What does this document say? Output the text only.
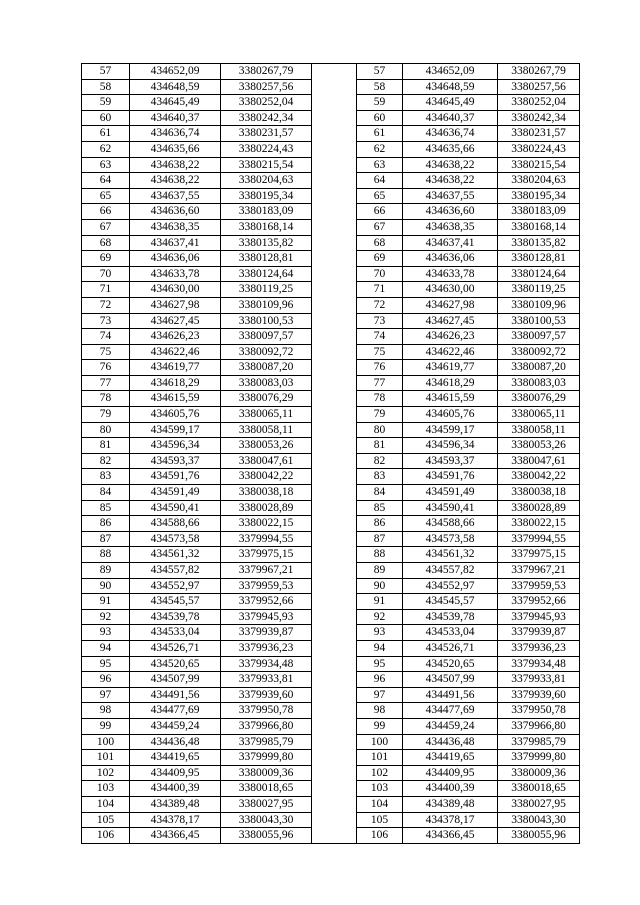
57	434652,09	3380267,79		57	434652,09	3380267,79
58	434648,59	3380257,56		58	434648,59	3380257,56
59	434645,49	3380252,04		59	434645,49	3380252,04
60	434640,37	3380242,34		60	434640,37	3380242,34
61	434636,74	3380231,57		61	434636,74	3380231,57
62	434635,66	3380224,43		62	434635,66	3380224,43
63	434638,22	3380215,54		63	434638,22	3380215,54
64	434638,22	3380204,63		64	434638,22	3380204,63
65	434637,55	3380195,34		65	434637,55	3380195,34
66	434636,60	3380183,09		66	434636,60	3380183,09
67	434638,35	3380168,14		67	434638,35	3380168,14
68	434637,41	3380135,82		68	434637,41	3380135,82
69	434636,06	3380128,81		69	434636,06	3380128,81
70	434633,78	3380124,64		70	434633,78	3380124,64
71	434630,00	3380119,25		71	434630,00	3380119,25
72	434627,98	3380109,96		72	434627,98	3380109,96
73	434627,45	3380100,53		73	434627,45	3380100,53
74	434626,23	3380097,57		74	434626,23	3380097,57
75	434622,46	3380092,72		75	434622,46	3380092,72
76	434619,77	3380087,20		76	434619,77	3380087,20
77	434618,29	3380083,03		77	434618,29	3380083,03
78	434615,59	3380076,29		78	434615,59	3380076,29
79	434605,76	3380065,11		79	434605,76	3380065,11
80	434599,17	3380058,11		80	434599,17	3380058,11
81	434596,34	3380053,26		81	434596,34	3380053,26
82	434593,37	3380047,61		82	434593,37	3380047,61
83	434591,76	3380042,22		83	434591,76	3380042,22
84	434591,49	3380038,18		84	434591,49	3380038,18
85	434590,41	3380028,89		85	434590,41	3380028,89
86	434588,66	3380022,15		86	434588,66	3380022,15
87	434573,58	3379994,55		87	434573,58	3379994,55
88	434561,32	3379975,15		88	434561,32	3379975,15
89	434557,82	3379967,21		89	434557,82	3379967,21
90	434552,97	3379959,53		90	434552,97	3379959,53
91	434545,57	3379952,66		91	434545,57	3379952,66
92	434539,78	3379945,93		92	434539,78	3379945,93
93	434533,04	3379939,87		93	434533,04	3379939,87
94	434526,71	3379936,23		94	434526,71	3379936,23
95	434520,65	3379934,48		95	434520,65	3379934,48
96	434507,99	3379933,81		96	434507,99	3379933,81
97	434491,56	3379939,60		97	434491,56	3379939,60
98	434477,69	3379950,78		98	434477,69	3379950,78
99	434459,24	3379966,80		99	434459,24	3379966,80
100	434436,48	3379985,79		100	434436,48	3379985,79
101	434419,65	3379999,80		101	434419,65	3379999,80
102	434409,95	3380009,36		102	434409,95	3380009,36
103	434400,39	3380018,65		103	434400,39	3380018,65
104	434389,48	3380027,95		104	434389,48	3380027,95
105	434378,17	3380043,30		105	434378,17	3380043,30
106	434366,45	3380055,96		106	434366,45	3380055,96
